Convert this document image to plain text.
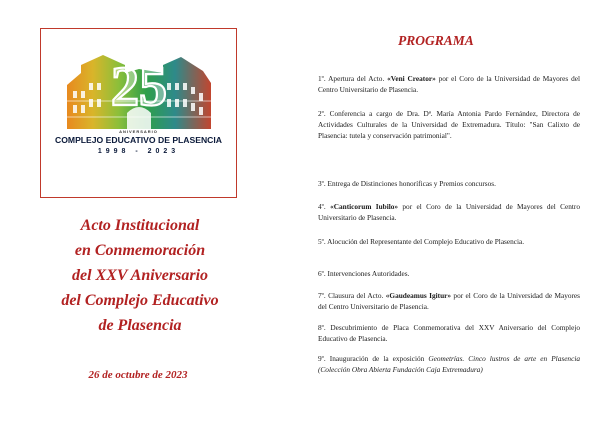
25
ANIVERSARIO
COMPLEJO EDUCATIVO DE PLASENCIA
1998 - 2023
Acto Institucional
en Conmemoración
del XXV Aniversario
del Complejo Educativo
de Plasencia
26 de octubre de 2023
PROGRAMA
1º. Apertura del Acto. «Veni Creator» por el Coro de la Universidad de Mayores del Centro Universitario de Plasencia.
2º. Conferencia a cargo de Dra. Dª. María Antonia Pardo Fernández, Directora de Actividades Culturales de la Universidad de Extremadura. Título: "San Calixto de Plasencia: tutela y conservación patrimonial".
3º. Entrega de Distinciones honoríficas y Premios concursos.
4º. «Canticorum Iubilo» por el Coro de la Universidad de Mayores del Centro Universitario de Plasencia.
5º. Alocución del Representante del Complejo Educativo de Plasencia.
6º. Intervenciones Autoridades.
7º. Clausura del Acto. «Gaudeamus Igitur» por el Coro de la Universidad de Mayores del Centro Universitario de Plasencia.
8º. Descubrimiento de Placa Conmemorativa del XXV Aniversario del Complejo Educativo de Plasencia.
9º. Inauguración de la exposición Geometrías. Cinco lustros de arte en Plasencia (Colección Obra Abierta Fundación Caja Extremadura)
